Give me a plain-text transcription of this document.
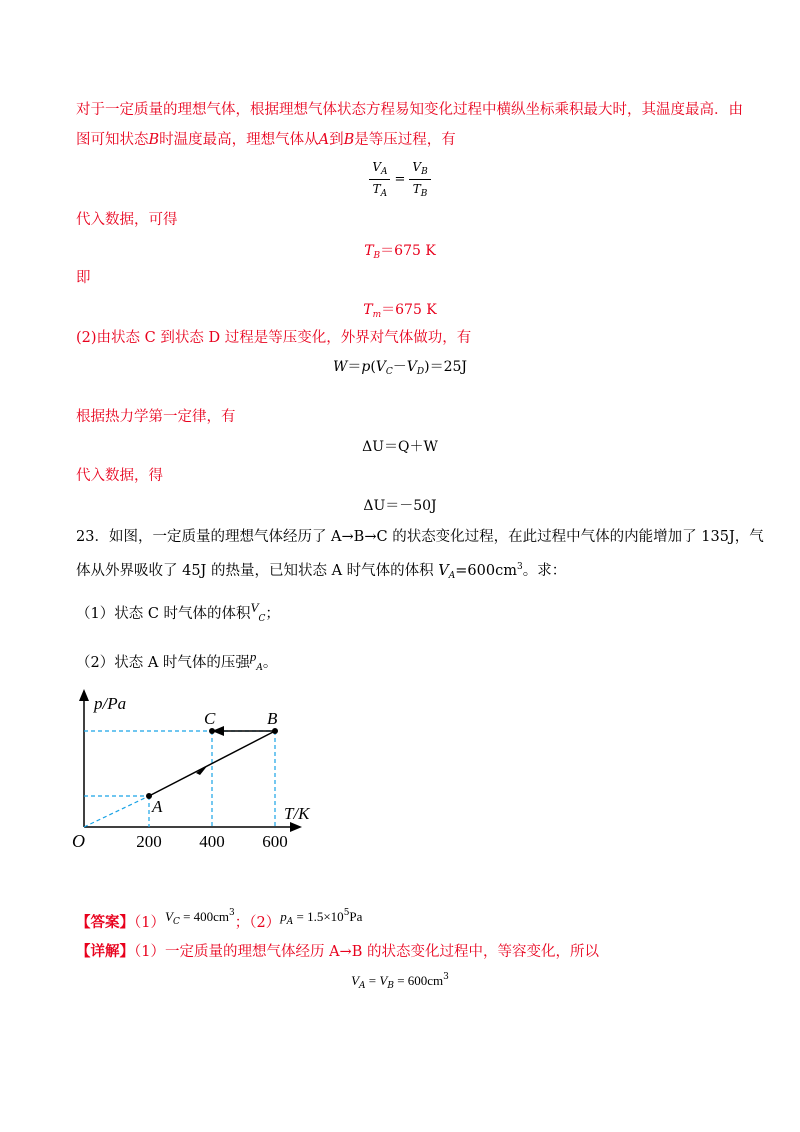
对于一定质量的理想气体，根据理想气体状态方程易知变化过程中横纵坐标乘积最大时，其温度最高．由
图可知状态B时温度最高，理想气体从A到B是等压过程，有
$\frac{V_A}{T_A} = \frac{V_B}{T_B}$
代入数据，可得
$T_B=675$ K
即
$T_m=675$ K
(2)由状态 C 到状态 D 过程是等压变化，外界对气体做功，有
$W=p(V_C-V_D)=25J$
根据热力学第一定律，有
ΔU＝Q＋W
代入数据，得
ΔU＝－50J
23．如图，一定质量的理想气体经历了 A→B→C 的状态变化过程，在此过程中气体的内能增加了 135J，气
体从外界吸收了 45J 的热量，已知状态 A 时气体的体积 $V_A=600cm^3$。求：
（1）状态 C 时气体的体积$V_C$；
（2）状态 A 时气体的压强$p_A$。
p/Pa
T/K
O	200 400 600
A
C	B
【答案】$(1)V^C = 400cm^3$；$(2)p^A = 1.5\times 10^5Pa$
【详解】（1）一定质量的理想气体经历 A→B 的状态变化过程中，等容变化，所以
$V_A = V_B = 600cm^3$
